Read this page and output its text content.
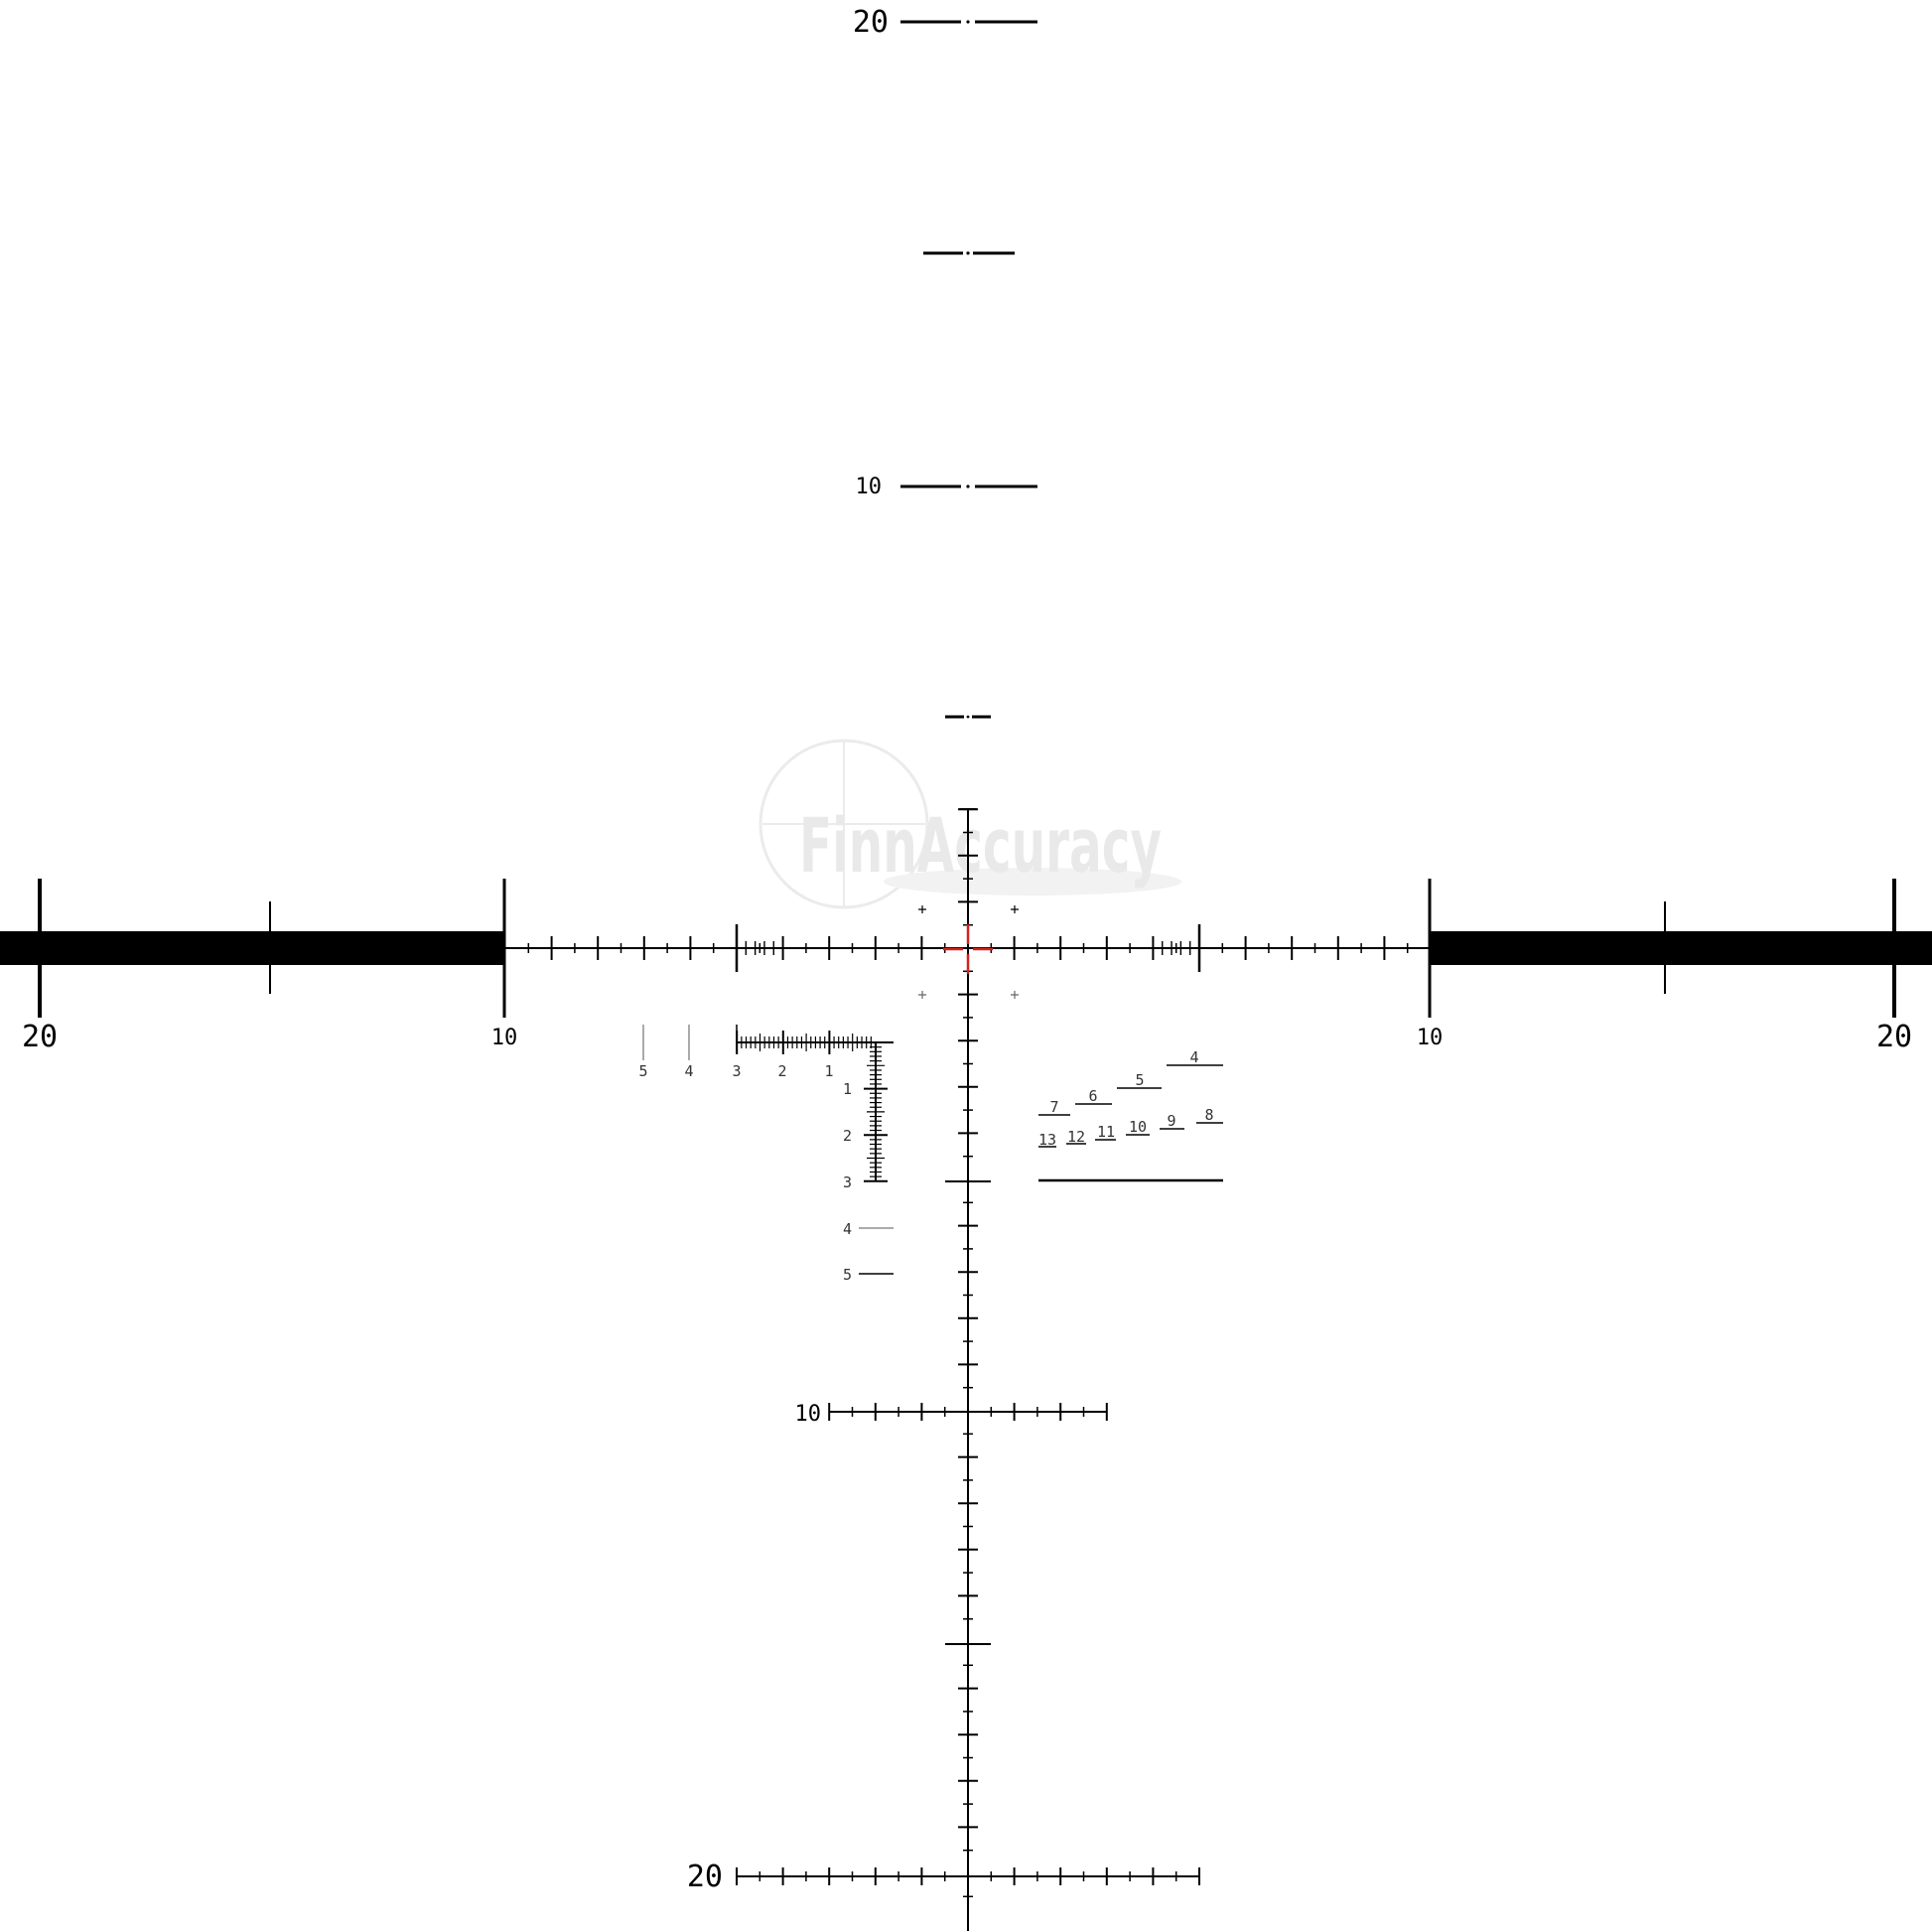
FinnAccuracy
20	10	10	20
20
10
10
20
5 4	3 2	1
1
2
3
4
5
4
5
6
7	8
9
10
11
12
13
